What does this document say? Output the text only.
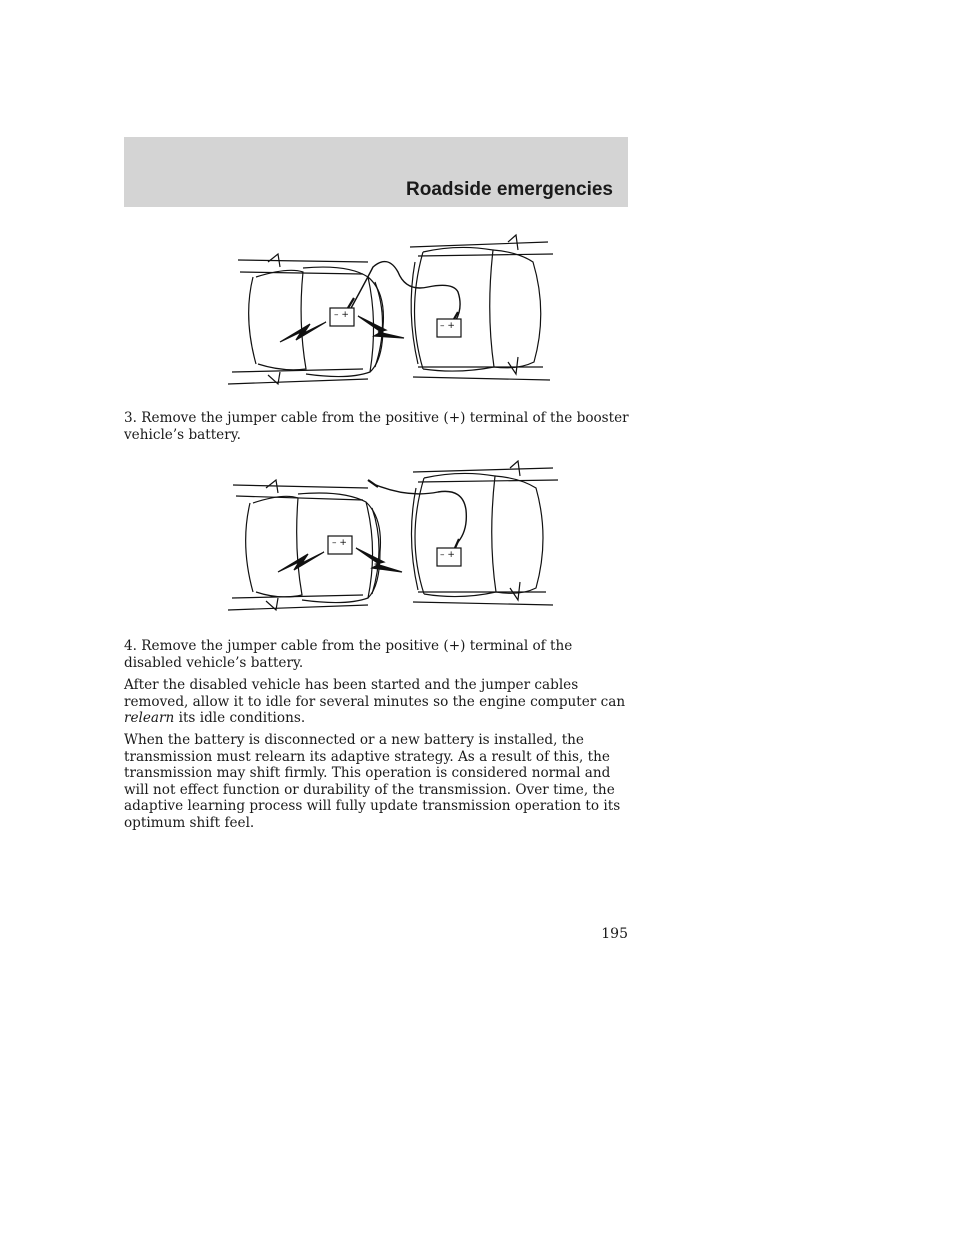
Roadside emergencies
– +
– +

3. Remove the jumper cable from the positive (+) terminal of the booster vehicle’s battery.

– +
– +

4. Remove the jumper cable from the positive (+) terminal of the disabled vehicle’s battery.

After the disabled vehicle has been started and the jumper cables removed, allow it to idle for several minutes so the engine computer can relearn its idle conditions.

When the battery is disconnected or a new battery is installed, the transmission must relearn its adaptive strategy. As a result of this, the transmission may shift firmly. This operation is considered normal and will not effect function or durability of the transmission. Over time, the adaptive learning process will fully update transmission operation to its optimum shift feel.

195
